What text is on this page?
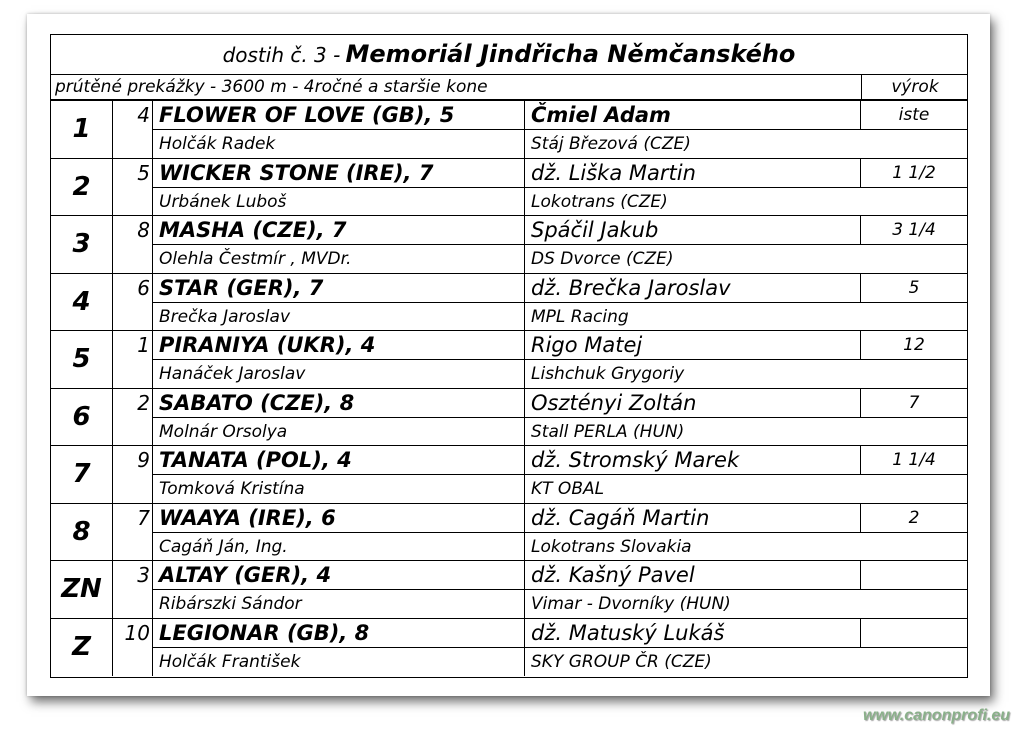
dostih č. 3 - Memoriál Jindřicha Němčanského
prútěné prekážky - 3600 m - 4ročné a staršie kone	výrok
1	4 FLOWER OF LOVE (GB), 5	Čmiel Adam	iste
Holčák Radek	Stáj Březová (CZE)
2	5 WICKER STONE (IRE), 7	dž. Liška Martin	1 1/2
Urbánek Luboš	Lokotrans (CZE)
3	8 MASHA (CZE), 7	Spáčil Jakub	3 1/4
Olehla Čestmír , MVDr.	DS Dvorce (CZE)
4	6 STAR (GER), 7	dž. Brečka Jaroslav	5
Brečka Jaroslav	MPL Racing
5	1 PIRANIYA (UKR), 4	Rigo Matej	12
Hanáček Jaroslav	Lishchuk Grygoriy
6	2 SABATO (CZE), 8	Osztényi Zoltán	7
Molnár Orsolya	Stall PERLA (HUN)
7	9 TANATA (POL), 4	dž. Stromský Marek	1 1/4
Tomková Kristína	KT OBAL
8	7 WAAYA (IRE), 6	dž. Cagáň Martin	2
Cagáň Ján, Ing.	Lokotrans Slovakia
ZN	3 ALTAY (GER), 4	dž. Kašný Pavel
Ribárszki Sándor	Vimar - Dvorníky (HUN)
Z	10 LEGIONAR (GB), 8	dž. Matuský Lukáš
Holčák František	SKY GROUP ČR (CZE)
www.canonprofi.eu
